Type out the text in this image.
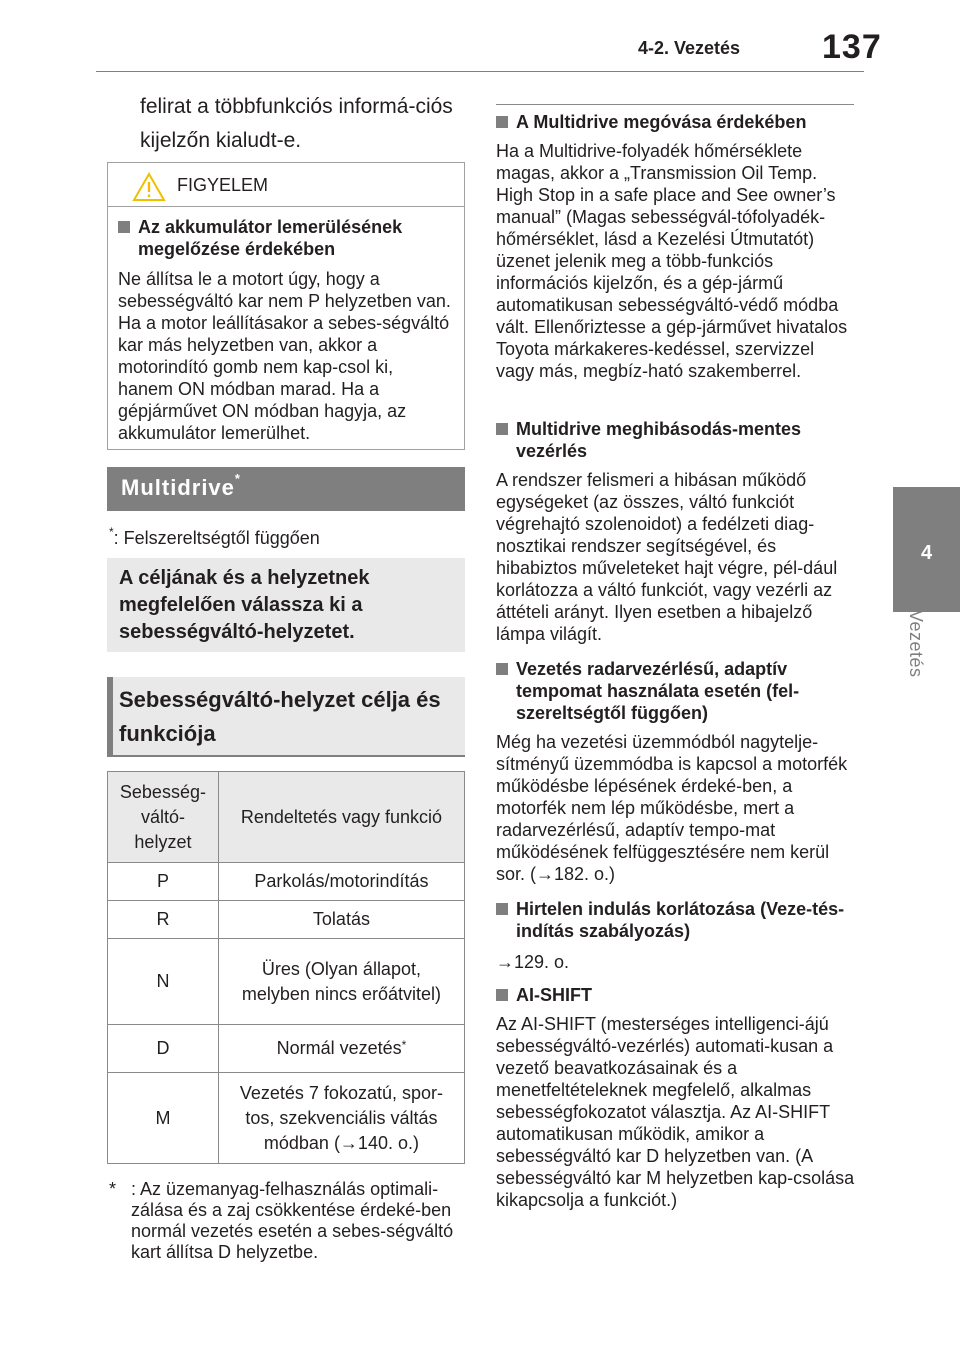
4-2. Vezetés 137
4
Vezetés
felirat a többfunkciós informá-ciós kijelzőn kialudt-e.
FIGYELEM
Az akkumulátor lemerülésének megelőzése érdekében
Ne állítsa le a motort úgy, hogy a sebességváltó kar nem P helyzetben van. Ha a motor leállításakor a sebes-ségváltó kar más helyzetben van, akkor a motorindító gomb nem kap-csol ki, hanem ON módban marad. Ha a gépjárművet ON módban hagyja, az akkumulátor lemerülhet.
Multidrive*
*: Felszereltségtől függően
A céljának és a helyzetnek megfelelően válassza ki a sebességváltó-helyzetet.
Sebességváltó-helyzet célja és funkciója
Sebesség-váltó-helyzet	Rendeltetés vagy funkció
P	Parkolás/motorindítás
R	Tolatás
N	Üres (Olyan állapot, melyben nincs erőátvitel)
D	Normál vezetés*
M	Vezetés 7 fokozatú, spor-tos, szekvenciális váltás módban (→140. o.)
* : Az üzemanyag-felhasználás optimali-zálása és a zaj csökkentése érdeké-ben normál vezetés esetén a sebes-ségváltó kart állítsa D helyzetbe.
A Multidrive megóvása érdekében
Ha a Multidrive-folyadék hőmérséklete magas, akkor a „Transmission Oil Temp. High Stop in a safe place and See owner’s manual” (Magas sebességvál-tófolyadék-hőmérséklet, lásd a Kezelési Útmutatót) üzenet jelenik meg a több-funkciós információs kijelzőn, és a gép-jármű automatikusan sebességváltó-védő módba vált. Ellenőriztesse a gép-járművet hivatalos Toyota márkakeres-kedéssel, szervizzel vagy más, megbíz-ható szakemberrel.
Multidrive meghibásodás-mentes vezérlés
A rendszer felismeri a hibásan működő egységeket (az összes, váltó funkciót végrehajtó szolenoidot) a fedélzeti diag-nosztikai rendszer segítségével, és hibabiztos műveleteket hajt végre, pél-dául korlátozza a váltó funkciót, vagy vezérli az áttételi arányt. Ilyen esetben a hibajelző lámpa világít.
Vezetés radarvezérlésű, adaptív tempomat használata esetén (fel-szereltségtől függően)
Még ha vezetési üzemmódból nagytelje-sítményű üzemmódba is kapcsol a motorfék működésbe lépésének érdeké-ben, a motorfék nem lép működésbe, mert a radarvezérlésű, adaptív tempo-mat működésének felfüggesztésére nem kerül sor. (→182. o.)
Hirtelen indulás korlátozása (Veze-tés-indítás szabályozás)
→129. o.
AI-SHIFT
Az AI-SHIFT (mesterséges intelligenci-ájú sebességváltó-vezérlés) automati-kusan a vezető beavatkozásainak és a menetfeltételeknek megfelelő, alkalmas sebességfokozatot választja. Az AI-SHIFT automatikusan működik, amikor a sebességváltó kar D helyzetben van. (A sebességváltó kar M helyzetben kap-csolása kikapcsolja a funkciót.)
